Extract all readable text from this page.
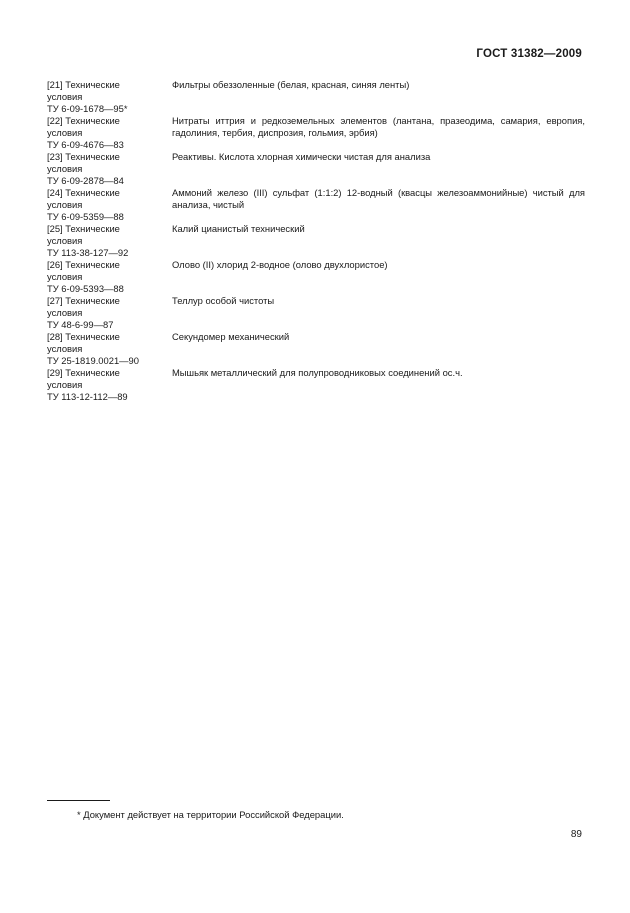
ГОСТ 31382—2009
[21] Технические
условия
ТУ 6-09-1678—95*
Фильтры обеззоленные (белая, красная, синяя ленты)
[22] Технические
условия
ТУ 6-09-4676—83
Нитраты иттрия и редкоземельных элементов (лантана, празеодима, самария, европия, гадолиния, тербия, диспрозия, гольмия, эрбия)
[23] Технические
условия
ТУ 6-09-2878—84
Реактивы. Кислота хлорная химически чистая для анализа
[24] Технические
условия
ТУ 6-09-5359—88
Аммоний железо (III) сульфат (1:1:2) 12-водный (квасцы железоаммонийные) чистый для анализа, чистый
[25] Технические
условия
ТУ 113-38-127—92
Калий цианистый технический
[26] Технические
условия
ТУ 6-09-5393—88
Олово (II) хлорид 2-водное (олово двухлористое)
[27] Технические
условия
ТУ 48-6-99—87
Теллур особой чистоты
[28] Технические
условия
ТУ 25-1819.0021—90
Секундомер механический
[29] Технические
условия
ТУ 113-12-112—89
Мышьяк металлический для полупроводниковых соединений ос.ч.
* Документ действует на территории Российской Федерации.
89
